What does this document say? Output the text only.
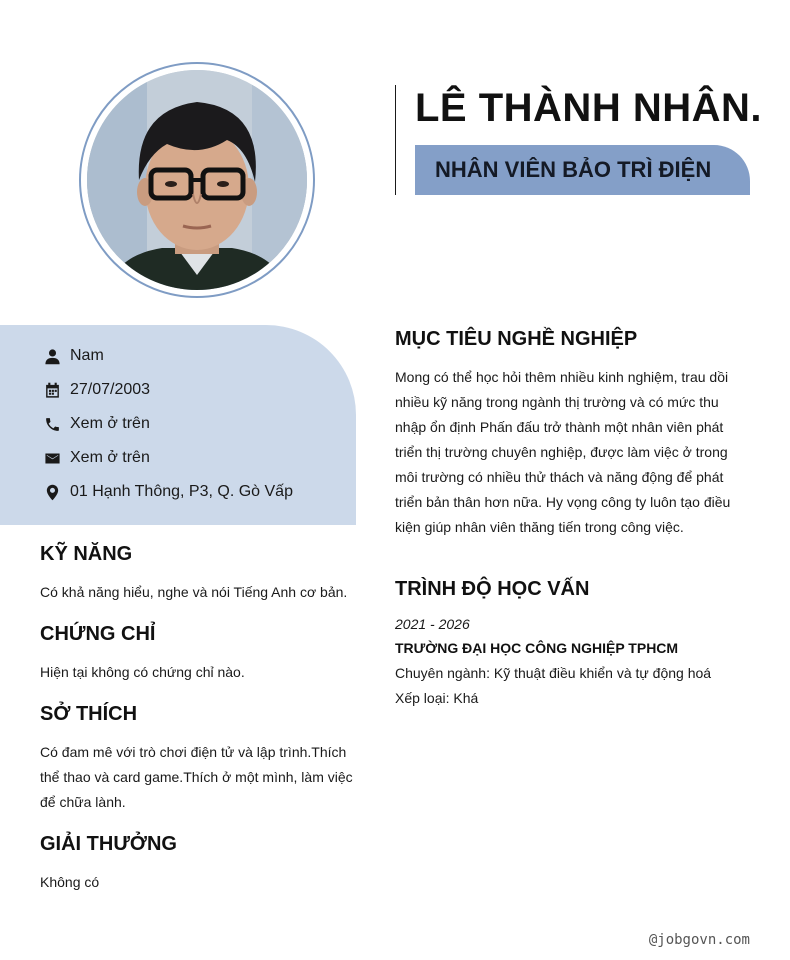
LÊ THÀNH NHÂN.
NHÂN VIÊN BẢO TRÌ ĐIỆN
Nam
27/07/2003
Xem ở trên
Xem ở trên
01 Hạnh Thông, P3, Q. Gò Vấp
KỸ NĂNG

Có khả năng hiểu, nghe và nói Tiếng Anh cơ bản.

CHỨNG CHỈ

Hiện tại không có chứng chỉ nào.

SỞ THÍCH

Có đam mê với trò chơi điện tử và lập trình.Thích thể thao và card game.Thích ở một mình, làm việc để chữa lành.

GIẢI THƯỞNG

Không có

MỤC TIÊU NGHỀ NGHIỆP

Mong có thể học hỏi thêm nhiều kinh nghiệm, trau dồi nhiều kỹ năng trong ngành thị trường và có mức thu nhập ổn định Phấn đấu trở thành một nhân viên phát triển thị trường chuyên nghiệp, được làm việc ở trong môi trường có nhiều thử thách và năng động để phát triển bản thân hơn nữa. Hy vọng công ty luôn tạo điều kiện giúp nhân viên thăng tiến trong công việc.

TRÌNH ĐỘ HỌC VẤN
2021 - 2026
TRƯỜNG ĐẠI HỌC CÔNG NGHIỆP TPHCM
Chuyên ngành: Kỹ thuật điều khiển và tự động hoá
Xếp loại: Khá
@jobgovn.com
